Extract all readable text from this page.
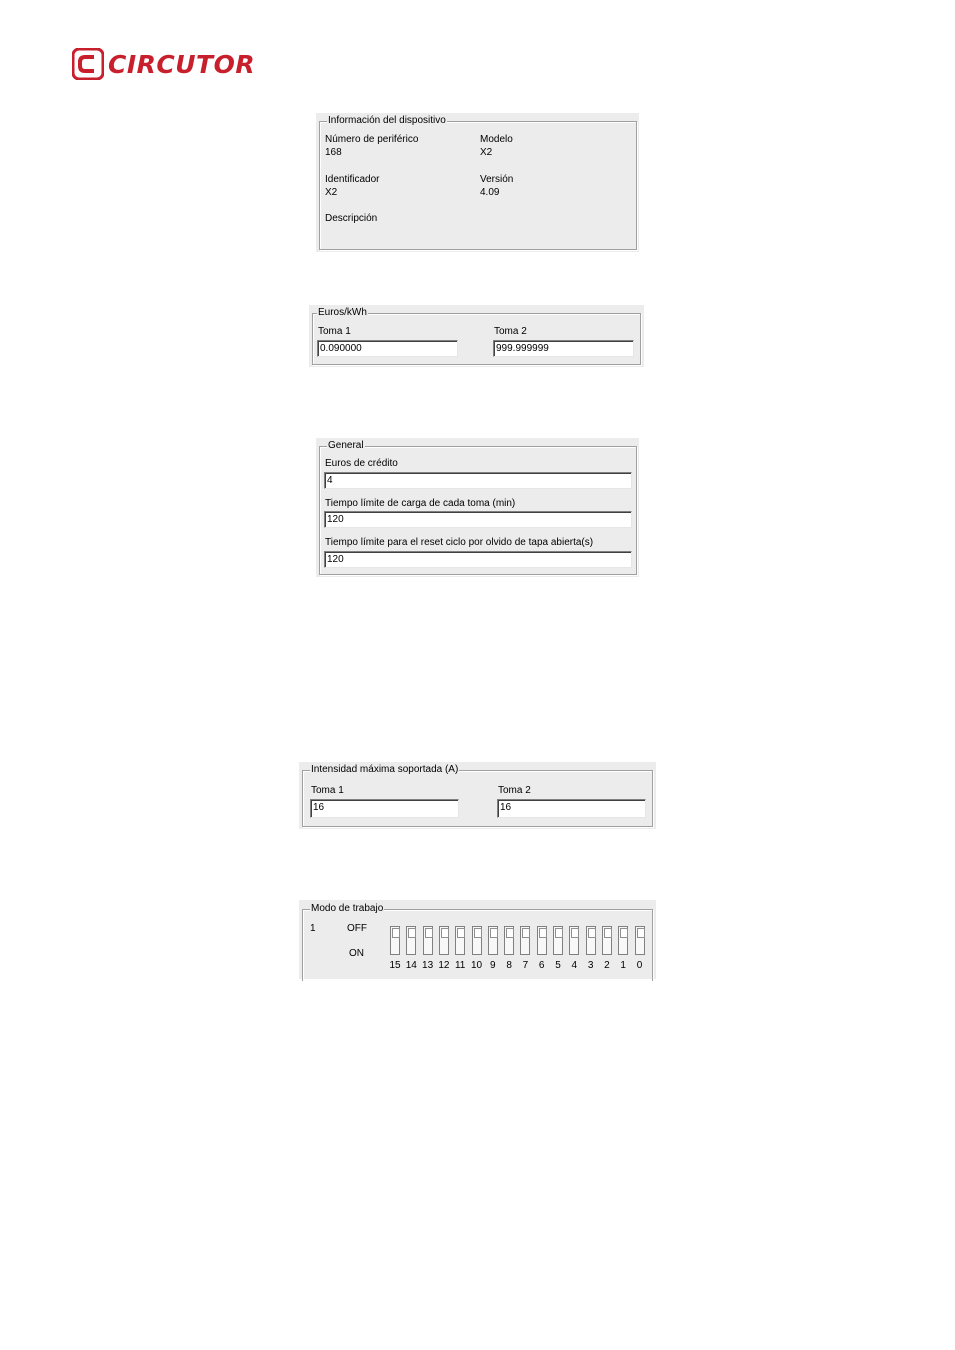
CIRCUTOR
Información del dispositivo
Número de periférico
168
Modelo
X2
Identificador
X2
Versión
4.09
Descripción
Euros/kWh
Toma 1
0.090000
Toma 2
999.999999
General
Euros de crédito
4
Tiempo límite de carga de cada toma (min)
120
Tiempo límite para el reset ciclo por olvido de tapa abierta(s)
120
Intensidad máxima soportada (A)
Toma 1
16
Toma 2
16
Modo de trabajo
1	OFF
ON
15 14 13 12 11 10 9	8	7	6	5	4	3	2	1	0
